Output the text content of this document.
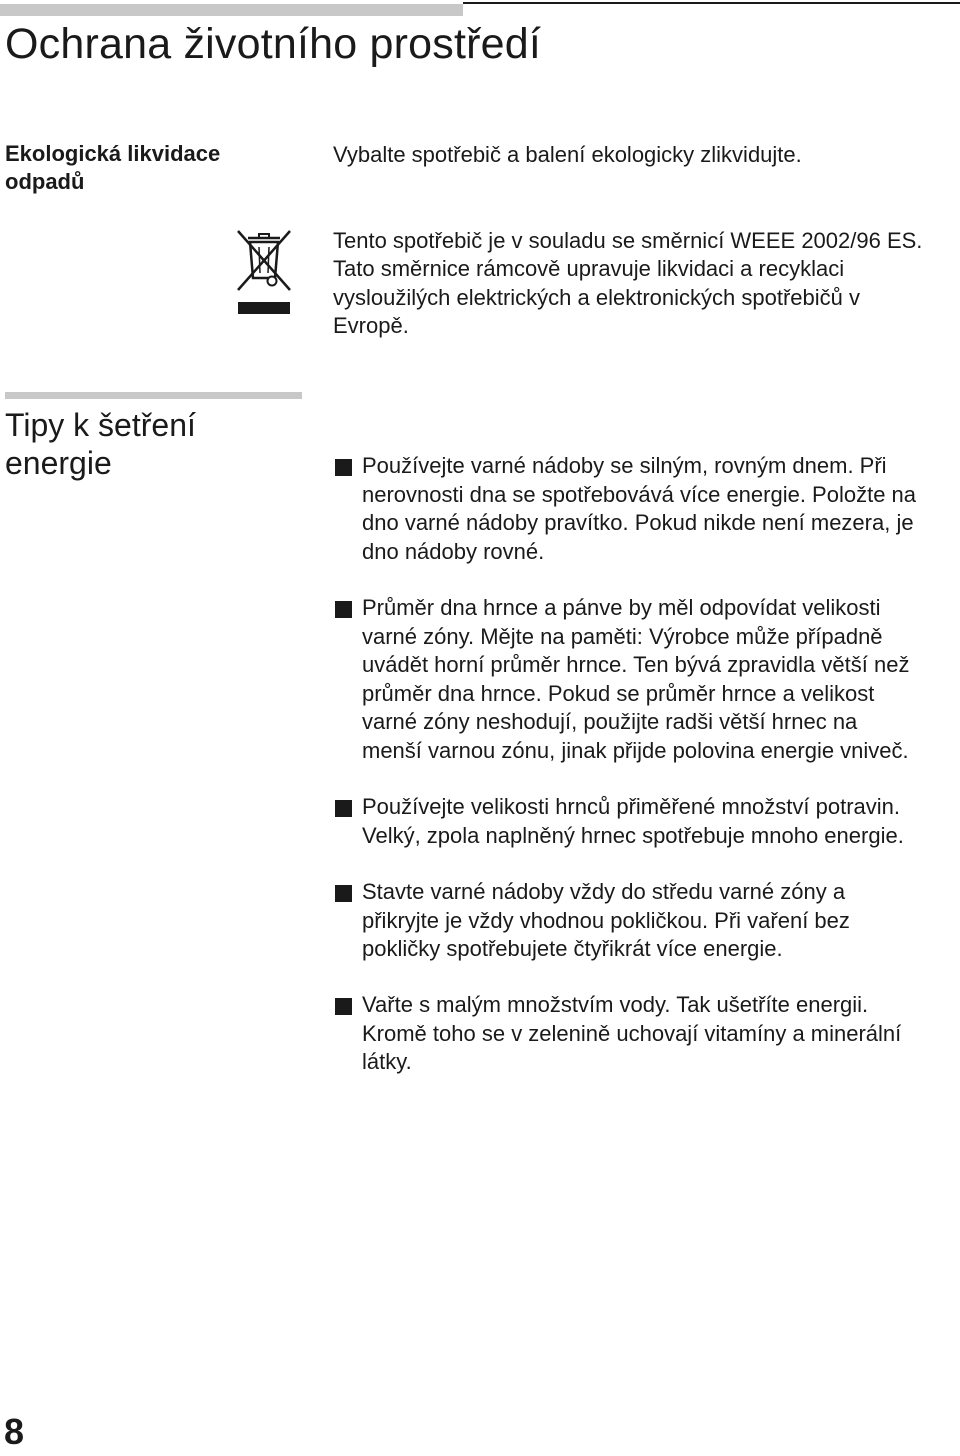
Ochrana životního prostředí
Ekologická likvidace odpadů

Vybalte spotřebič a balení ekologicky zlikvidujte.

Tento spotřebič je v souladu se směrnicí WEEE 2002/96 ES. Tato směrnice rámcově upravuje likvidaci a recyklaci vysloužilých elektrických a elektronických spotřebičů v Evropě.

Tipy k šetření energie	Používejte varné nádoby se silným, rovným dnem. Při
nerovnosti dna se spotřebovává více energie. Položte na
dno varné nádoby pravítko. Pokud nikde není mezera, je
dno nádoby rovné.
Průměr dna hrnce a pánve by měl odpovídat velikosti
varné zóny. Mějte na paměti: Výrobce může případně
uvádět horní průměr hrnce. Ten bývá zpravidla větší než
průměr dna hrnce. Pokud se průměr hrnce a velikost
varné zóny neshodují, použijte radši větší hrnec na
menší varnou zónu, jinak přijde polovina energie vniveč.
Používejte velikosti hrnců přiměřené množství potravin.
Velký, zpola naplněný hrnec spotřebuje mnoho energie.
Stavte varné nádoby vždy do středu varné zóny a
přikryjte je vždy vhodnou pokličkou. Při vaření bez
pokličky spotřebujete čtyřikrát více energie.
Vařte s malým množstvím vody. Tak ušetříte energii.
Kromě toho se v zelenině uchovají vitamíny a minerální
látky.

8
